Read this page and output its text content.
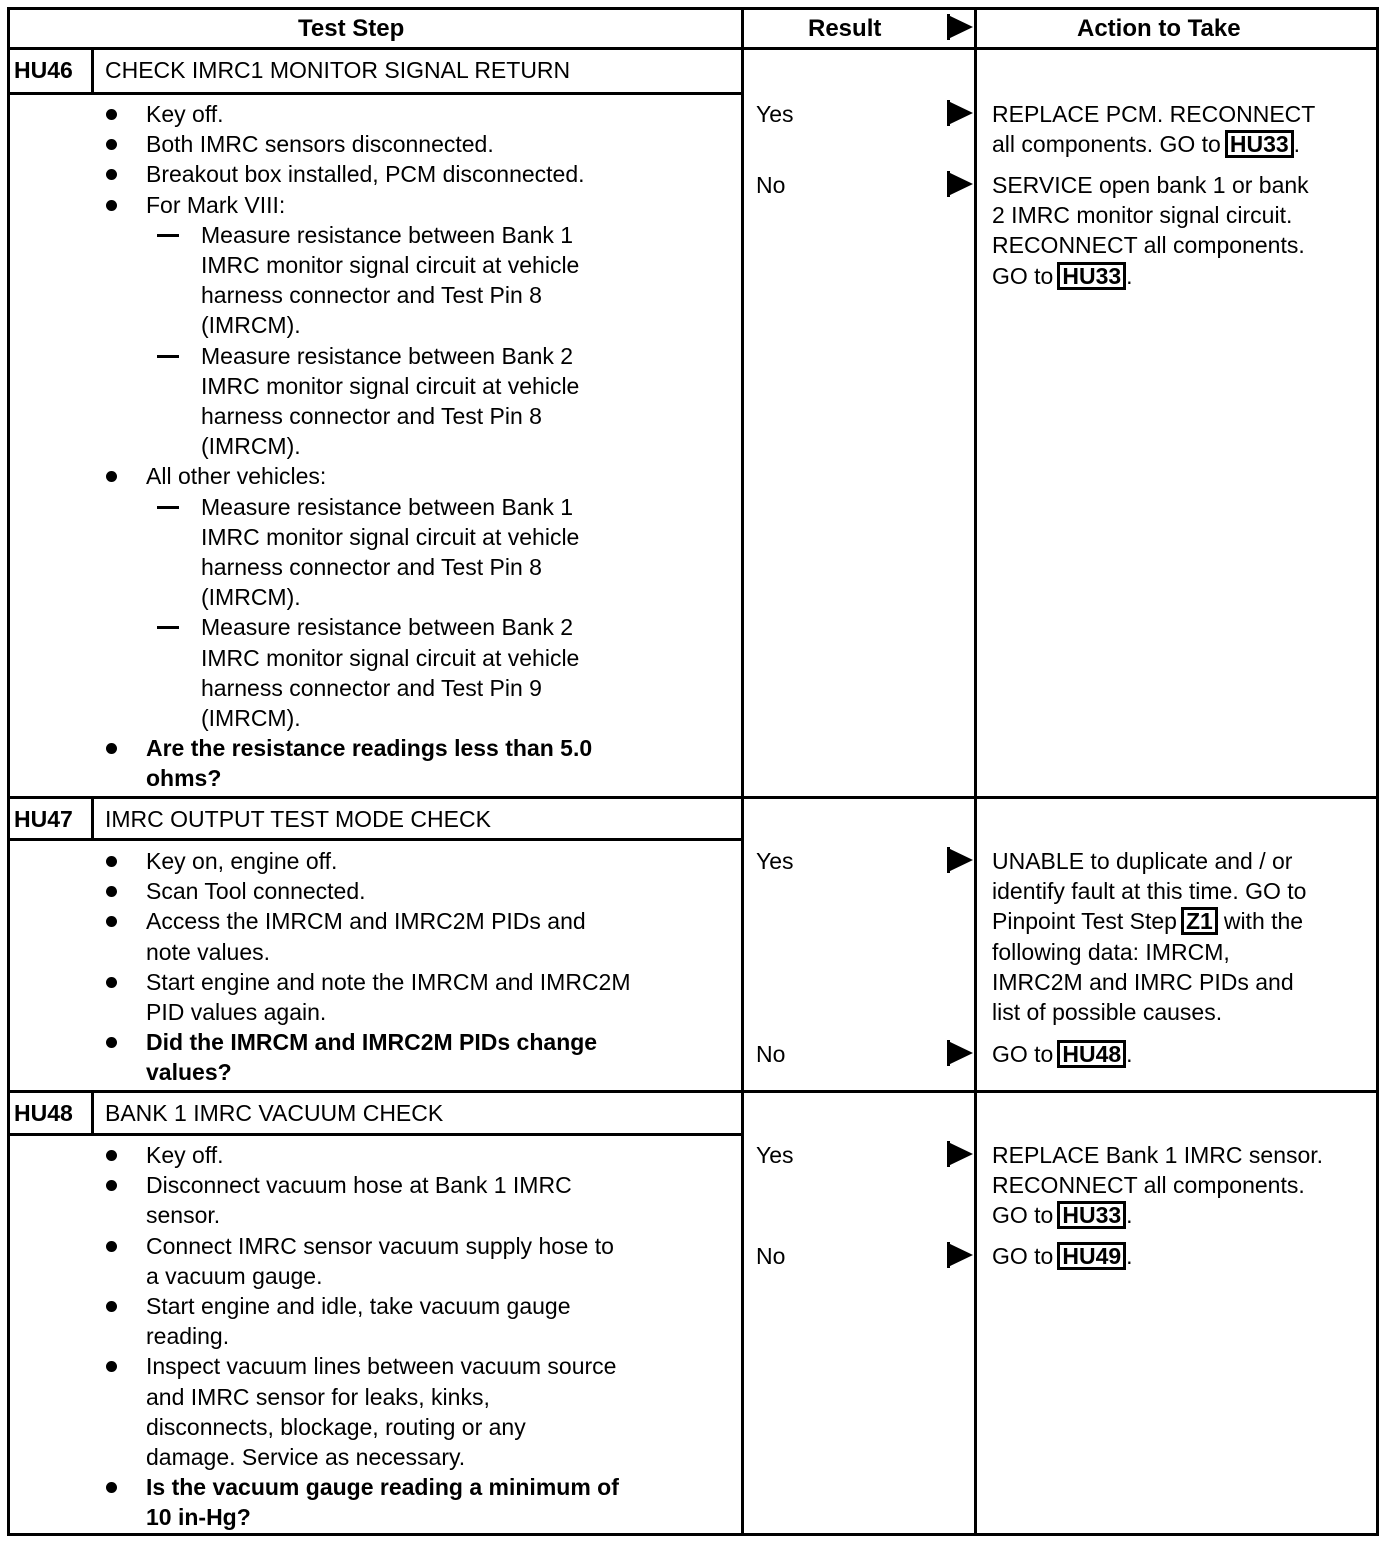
Test Step	Result	Action to Take
HU46 CHECK IMRC1 MONITOR SIGNAL RETURN
Key off.
Both IMRC sensors disconnected.
Breakout box installed, PCM disconnected.
For Mark VIII:
Measure resistance between Bank 1
IMRC monitor signal circuit at vehicle
harness connector and Test Pin 8
(IMRCM).
Measure resistance between Bank 2
IMRC monitor signal circuit at vehicle
harness connector and Test Pin 8
(IMRCM).
All other vehicles:
Measure resistance between Bank 1
IMRC monitor signal circuit at vehicle
harness connector and Test Pin 8
(IMRCM).
Measure resistance between Bank 2
IMRC monitor signal circuit at vehicle
harness connector and Test Pin 9
(IMRCM).
Are the resistance readings less than 5.0
ohms?
Yes	REPLACE PCM. RECONNECT
all components. GO to HU33 .
No	SERVICE open bank 1 or bank
2 IMRC monitor signal circuit.
RECONNECT all components.
GO to HU33 .
HU47 IMRC OUTPUT TEST MODE CHECK
Key on, engine off.
Scan Tool connected.
Access the IMRCM and IMRC2M PIDs and
note values.
Start engine and note the IMRCM and IMRC2M
PID values again.
Did the IMRCM and IMRC2M PIDs change
values?
Yes	UNABLE to duplicate and / or
identify fault at this time. GO to
Pinpoint Test Step Z1 with the
following data: IMRCM,
IMRC2M and IMRC PIDs and
list of possible causes.
No	GO to HU48 .
HU48 BANK 1 IMRC VACUUM CHECK
Key off.
Disconnect vacuum hose at Bank 1 IMRC
sensor.
Connect IMRC sensor vacuum supply hose to
a vacuum gauge.
Start engine and idle, take vacuum gauge
reading.
Inspect vacuum lines between vacuum source
and IMRC sensor for leaks, kinks,
disconnects, blockage, routing or any
damage. Service as necessary.
Is the vacuum gauge reading a minimum of
10 in-Hg?
Yes	REPLACE Bank 1 IMRC sensor.
RECONNECT all components.
GO to HU33 .
No	GO to HU49 .
